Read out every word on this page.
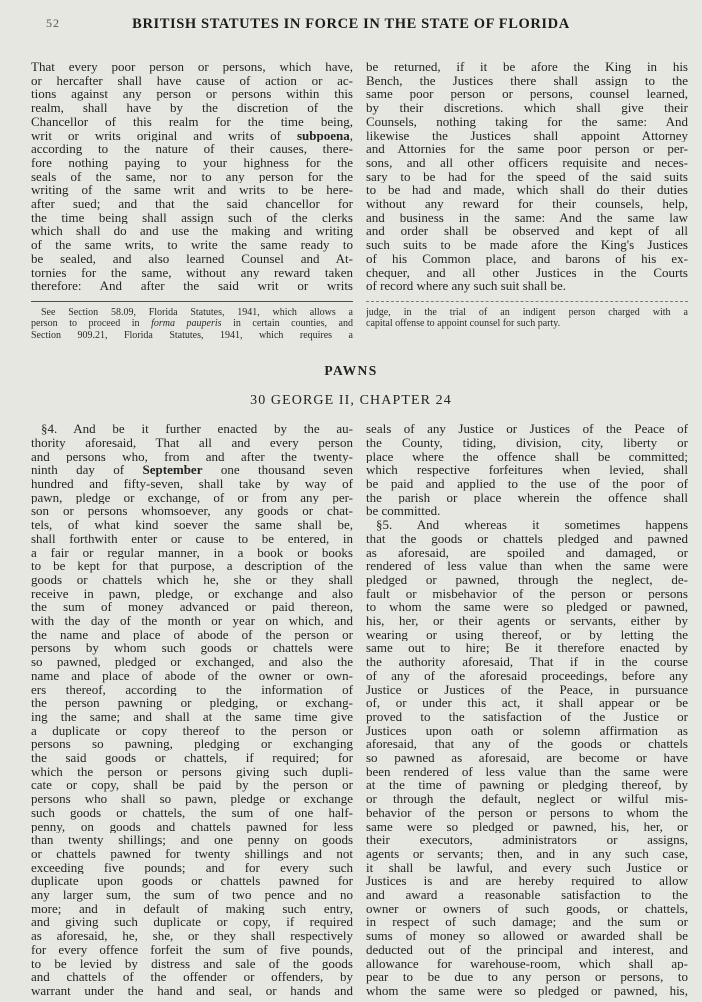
52	BRITISH STATUTES IN FORCE IN THE STATE OF FLORIDA
That every poor person or persons, which have,
or hercafter shall have cause of action or ac-
tions against any person or persons within this
realm, shall have by the discretion of the
Chancellor of this realm for the time being,
writ or writs original and writs of subpoena,
according to the nature of their causes, there-
fore nothing paying to your highness for the
seals of the same, nor to any person for the
writing of the same writ and writs to be here-
after sued; and that the said chancellor for
the time being shall assign such of the clerks
which shall do and use the making and writing
of the same writs, to write the same ready to
be sealed, and also learned Counsel and At-
tornies for the same, without any reward taken
therefore: And after the said writ or writs
be returned, if it be afore the King in his
Bench, the Justices there shall assign to the
same poor person or persons, counsel learned,
by their discretions. which shall give their
Counsels, nothing taking for the same: And
likewise the Justices shall appoint Attorney
and Attornies for the same poor person or per-
sons, and all other officers requisite and neces-
sary to be had for the speed of the said suits
to be had and made, which shall do their duties
without any reward for their counsels, help,
and business in the same: And the same law
and order shall be observed and kept of all
such suits to be made afore the King's Justices
of his Common place, and barons of his ex-
chequer, and all other Justices in the Courts
of record where any such suit shall be.
See Section 58.09, Florida Statutes, 1941, which allows a
person to proceed in forma pauperis in certain counties, and
Section 909.21, Florida Statutes, 1941, which requires a
judge, in the trial of an indigent person charged with a
capital offense to appoint counsel for such party.
PAWNS
30 GEORGE II, CHAPTER 24
§4. And be it further enacted by the au-
thority aforesaid, That all and every person
and persons who, from and after the twenty-
ninth day of September one thousand seven
hundred and fifty-seven, shall take by way of
pawn, pledge or exchange, of or from any per-
son or persons whomsoever, any goods or chat-
tels, of what kind soever the same shall be,
shall forthwith enter or cause to be entered, in
a fair or regular manner, in a book or books
to be kept for that purpose, a description of the
goods or chattels which he, she or they shall
receive in pawn, pledge, or exchange and also
the sum of money advanced or paid thereon,
with the day of the month or year on which, and
the name and place of abode of the person or
persons by whom such goods or chattels were
so pawned, pledged or exchanged, and also the
name and place of abode of the owner or own-
ers thereof, according to the information of
the person pawning or pledging, or exchang-
ing the same; and shall at the same time give
a duplicate or copy thereof to the person or
persons so pawning, pledging or exchanging
the said goods or chattels, if required; for
which the person or persons giving such dupli-
cate or copy, shall be paid by the person or
persons who shall so pawn, pledge or exchange
such goods or chattels, the sum of one half-
penny, on goods and chattels pawned for less
than twenty shillings; and one penny on goods
or chattels pawned for twenty shillings and not
exceeding five pounds; and for every such
duplicate upon goods or chattels pawned for
any larger sum, the sum of two pence and no
more; and in default of making such entry,
and giving such duplicate or copy, if required
as aforesaid, he, she, or they shall respectively
for every offence forfeit the sum of five pounds,
to be levied by distress and sale of the goods
and chattels of the offender or offenders, by
warrant under the hand and seal, or hands and
seals of any Justice or Justices of the Peace of
the County, tiding, division, city, liberty or
place where the offence shall be committed;
which respective forfeitures when levied, shall
be paid and applied to the use of the poor of
the parish or place wherein the offence shall
be committed.
§5. And whereas it sometimes happens
that the goods or chattels pledged and pawned
as aforesaid, are spoiled and damaged, or
rendered of less value than when the same were
pledged or pawned, through the neglect, de-
fault or misbehavior of the person or persons
to whom the same were so pledged or pawned,
his, her, or their agents or servants, either by
wearing or using thereof, or by letting the
same out to hire; Be it therefore enacted by
the authority aforesaid, That if in the course
of any of the aforesaid proceedings, before any
Justice or Justices of the Peace, in pursuance
of, or under this act, it shall appear or be
proved to the satisfaction of the Justice or
Justices upon oath or solemn affirmation as
aforesaid, that any of the goods or chattels
so pawned as aforesaid, are become or have
been rendered of less value than the same were
at the time of pawning or pledging thereof, by
or through the default, neglect or wilful mis-
behavior of the person or persons to whom the
same were so pledged or pawned, his, her, or
their executors, administrators or assigns,
agents or servants; then, and in any such case,
it shall be lawful, and every such Justice or
Justices is and are hereby required to allow
and award a reasonable satisfaction to the
owner or owners of such goods, or chattels,
in respect of such damage; and the sum or
sums of money so allowed or awarded shall be
deducted out of the principal and interest, and
allowance for warehouse-room, which shall ap-
pear to be due to any person or persons, to
whom the same were so pledged or pawned, his,
